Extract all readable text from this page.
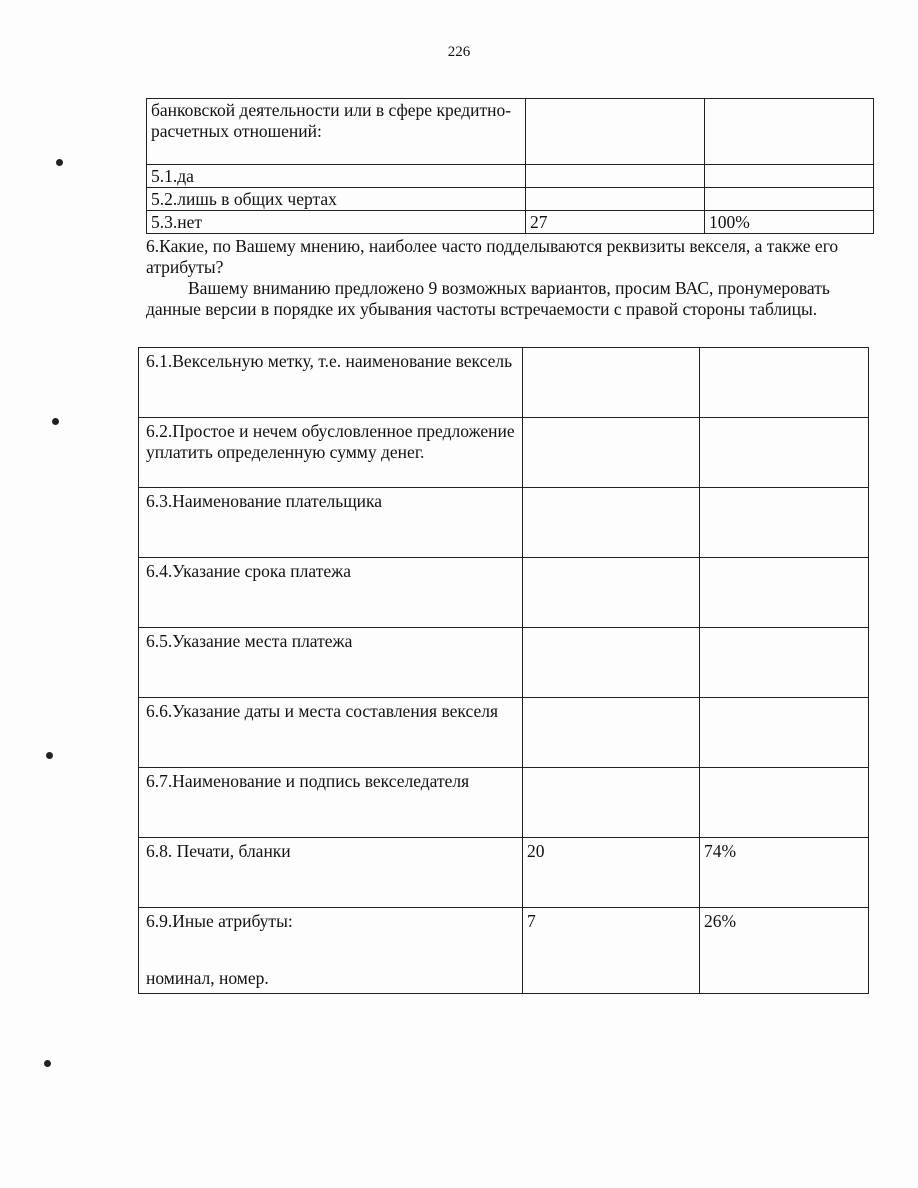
226
банковской деятельности или в сфере кредитно-расчетных отношений:		
5.1.да		
5.2.лишь в общих чертах		
5.3.нет	27	100%

6.Какие, по Вашему мнению, наиболее часто подделываются реквизиты векселя, а также его атрибуты?

Вашему вниманию предложено 9 возможных вариантов, просим ВАС, пронумеровать данные версии в порядке их убывания частоты встречаемости с правой стороны таблицы.

6.1.Вексельную метку, т.е. наименование вексель		
6.2.Простое и нечем обусловленное предложение уплатить определенную сумму денег.		
6.3.Наименование плательщика		
6.4.Указание срока платежа		
6.5.Указание места платежа		
6.6.Указание даты и места составления векселя		
6.7.Наименование и подпись векселедателя		
6.8. Печати, бланки	20	74%
6.9.Иные атрибуты:
номинал, номер.	7	26%
